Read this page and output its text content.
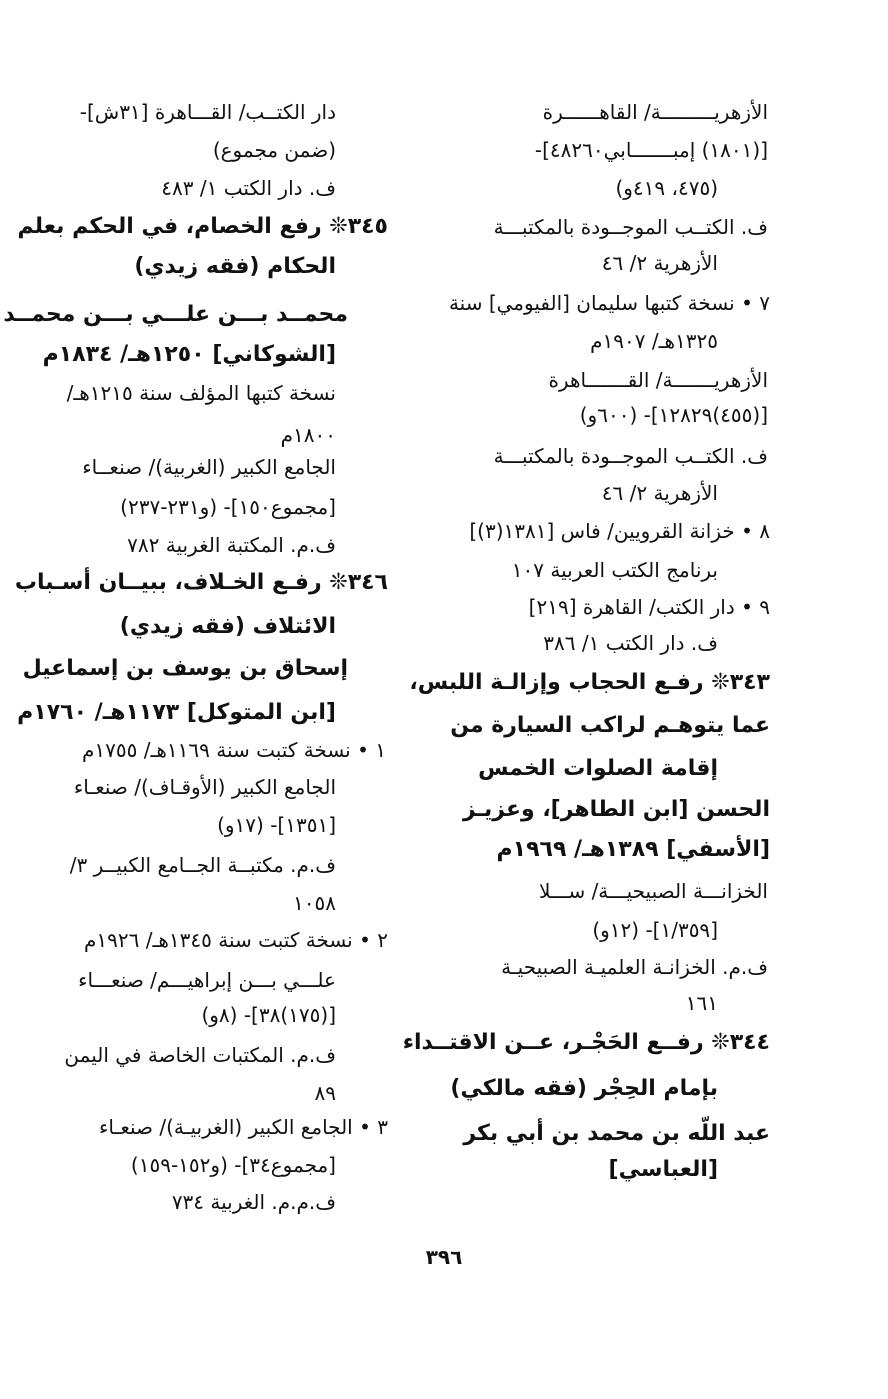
الأزهريـــــــــة/ القاهــــــرة
[(١٨٠١) إمبـــــــابي٤٨٢٦٠]-
(٤٧٥، ٤١٩و)
ف. الكتــب الموجــودة بالمكتبـــة
الأزهرية ٢/ ٤٦
٧ • نسخة كتبها سليمان [الفيومي] سنة
١٣٢٥هـ/ ١٩٠٧م
الأزهريـــــــة/ القـــــــاهرة
[(٤٥٥)١٢٨٢٩]- (٦٠٠و)
ف. الكتــب الموجــودة بالمكتبـــة
الأزهرية ٢/ ٤٦
٨ • خزانة القرويين/ فاس [١٣٨١(٣)]
برنامج الكتب العربية ١٠٧
٩ • دار الكتب/ القاهرة [٢١٩]
ف. دار الكتب ١/ ٣٨٦
٣٤٣❊ رفـع الحجاب وإزالـة اللبس،
عما يتوهـم لراكب السيارة من
إقامة الصلوات الخمس
الحسن [ابن الطاهر]، وعزيـز
[الأسفي] ١٣٨٩هـ/ ١٩٦٩م
الخزانـــة الصبيحيـــة/ ســـلا
[١/٣٥٩]- (١٢و)
ف.م. الخزانـة العلميـة الصبيحيـة
١٦١
٣٤٤❊ رفــع الحَجْـر، عــن الاقتــداء
بإمام الحِجْر (فقه مالكي)
عبد اللّه بن محمد بن أبي بكر
[العباسي]
دار الكتــب/ القـــاهرة [٣١ش]-
(ضمن مجموع)
ف. دار الكتب ١/ ٤٨٣
٣٤٥❊ رفع الخصام، في الحكم بعلم
الحكام (فقه زيدي)
محمــد بـــن علـــي بـــن محمــد
[الشوكاني] ١٢٥٠هـ/ ١٨٣٤م
نسخة كتبها المؤلف سنة ١٢١٥هـ/
١٨٠٠م
الجامع الكبير (الغربية)/ صنعــاء
[مجموع١٥٠]- (و٢٣١-٢٣٧)
ف.م. المكتبة الغربية ٧٨٢
٣٤٦❊ رفـع الخـلاف، ببيــان أسـباب
الائتلاف (فقه زيدي)
إسحاق بن يوسف بن إسماعيل
[ابن المتوكل] ١١٧٣هـ/ ١٧٦٠م
١ • نسخة كتبت سنة ١١٦٩هـ/ ١٧٥٥م
الجامع الكبير (الأوقـاف)/ صنعـاء
[١٣٥١]- (١٧و)
ف.م. مكتبــة الجــامع الكبيــر ٣/
١٠٥٨
٢ • نسخة كتبت سنة ١٣٤٥هـ/ ١٩٢٦م
علـــي بـــن إبراهيـــم/ صنعـــاء
[(١٧٥)٣٨]- (٨و)
ف.م. المكتبات الخاصة في اليمن
٨٩
٣ • الجامع الكبير (الغربيـة)/ صنعـاء
[مجموع٣٤]- (و١٥٢-١٥٩)
ف.م.م. الغربية ٧٣٤
٣٩٦
